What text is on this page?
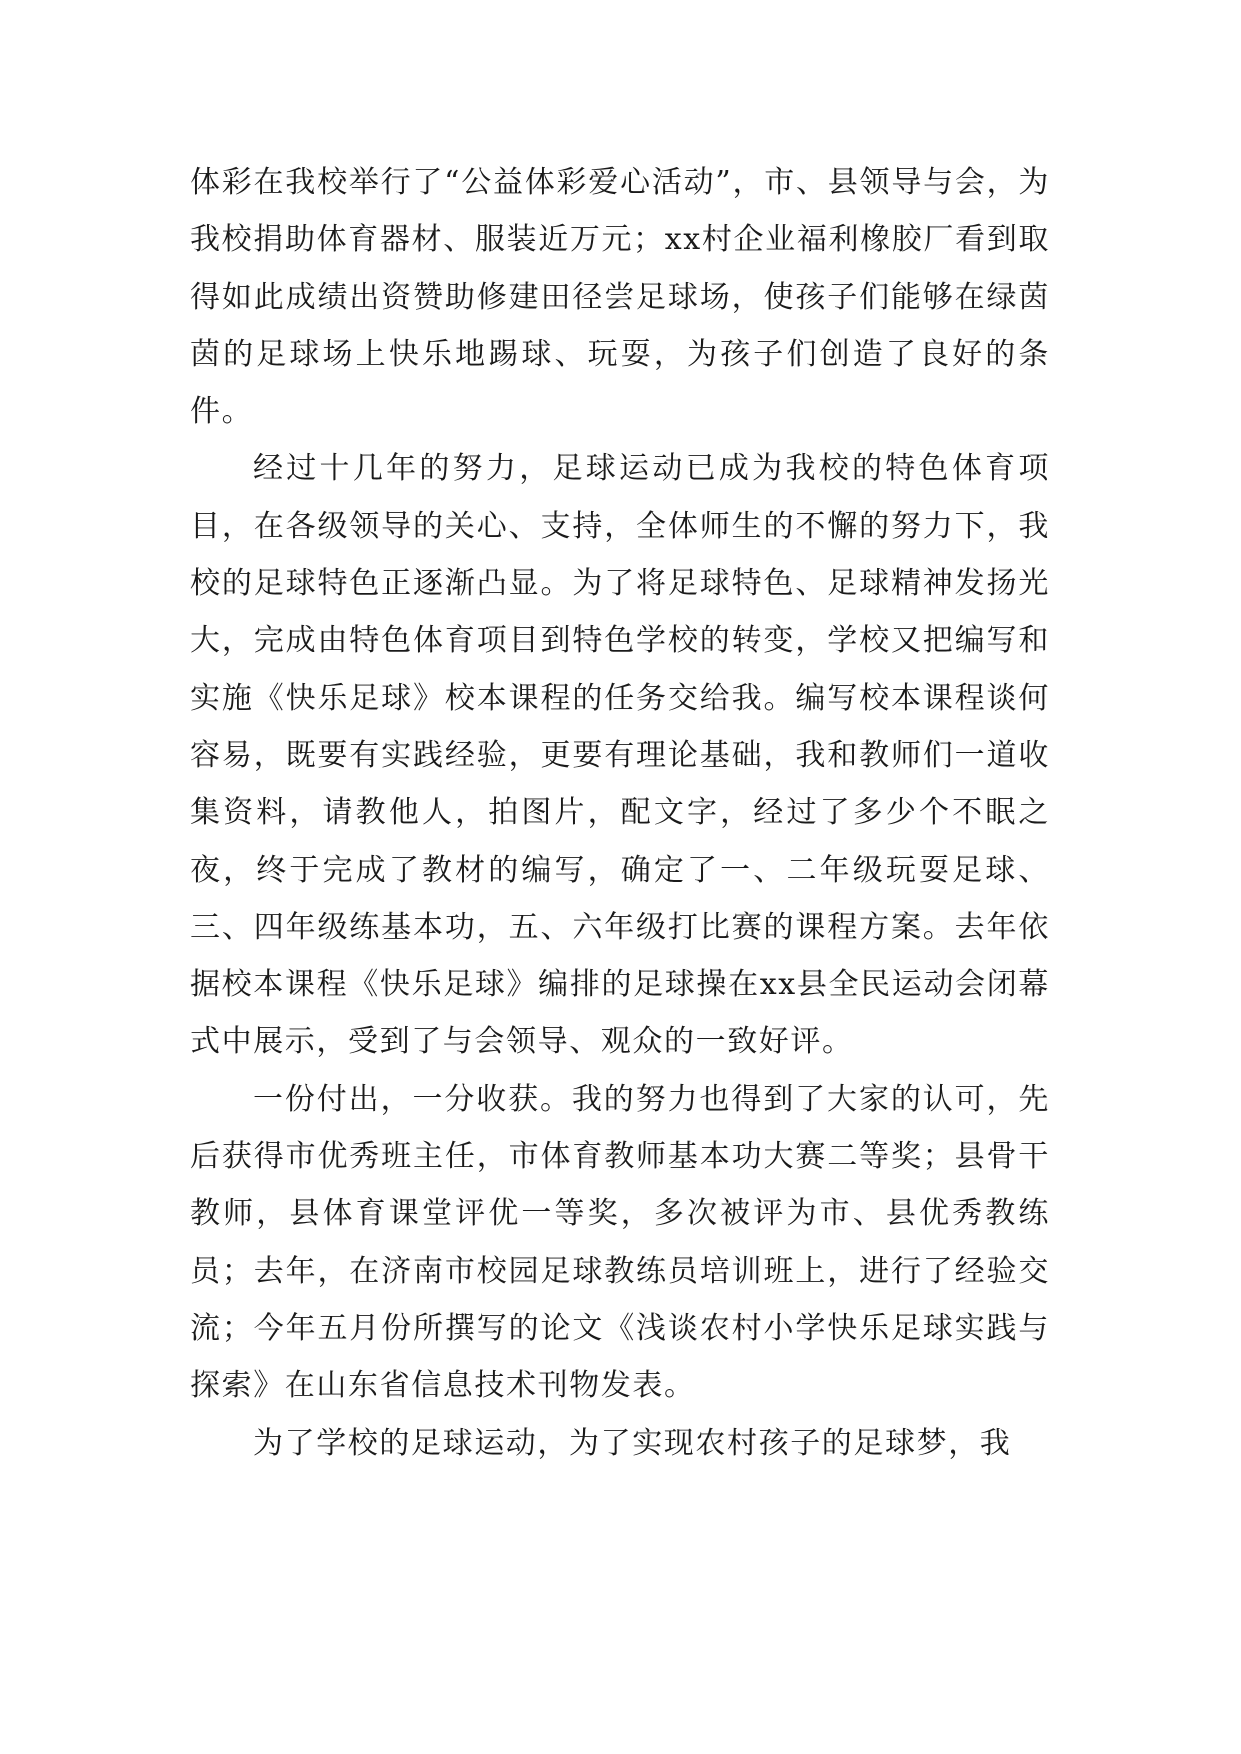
体彩在我校举行了“公益体彩爱心活动”，市、县领导与会，为我校捐助体育器材、服装近万元；xx村企业福利橡胶厂看到取得如此成绩出资赞助修建田径尝足球场，使孩子们能够在绿茵茵的足球场上快乐地踢球、玩耍，为孩子们创造了良好的条件。

经过十几年的努力，足球运动已成为我校的特色体育项目，在各级领导的关心、支持，全体师生的不懈的努力下，我校的足球特色正逐渐凸显。为了将足球特色、足球精神发扬光大，完成由特色体育项目到特色学校的转变，学校又把编写和实施《快乐足球》校本课程的任务交给我。编写校本课程谈何容易，既要有实践经验，更要有理论基础，我和教师们一道收集资料，请教他人，拍图片，配文字，经过了多少个不眠之夜，终于完成了教材的编写，确定了一、二年级玩耍足球、三、四年级练基本功，五、六年级打比赛的课程方案。去年依据校本课程《快乐足球》编排的足球操在xx县全民运动会闭幕式中展示，受到了与会领导、观众的一致好评。

一份付出，一分收获。我的努力也得到了大家的认可，先后获得市优秀班主任，市体育教师基本功大赛二等奖；县骨干教师，县体育课堂评优一等奖，多次被评为市、县优秀教练员；去年，在济南市校园足球教练员培训班上，进行了经验交流；今年五月份所撰写的论文《浅谈农村小学快乐足球实践与探索》在山东省信息技术刊物发表。

为了学校的足球运动，为了实现农村孩子的足球梦，我
